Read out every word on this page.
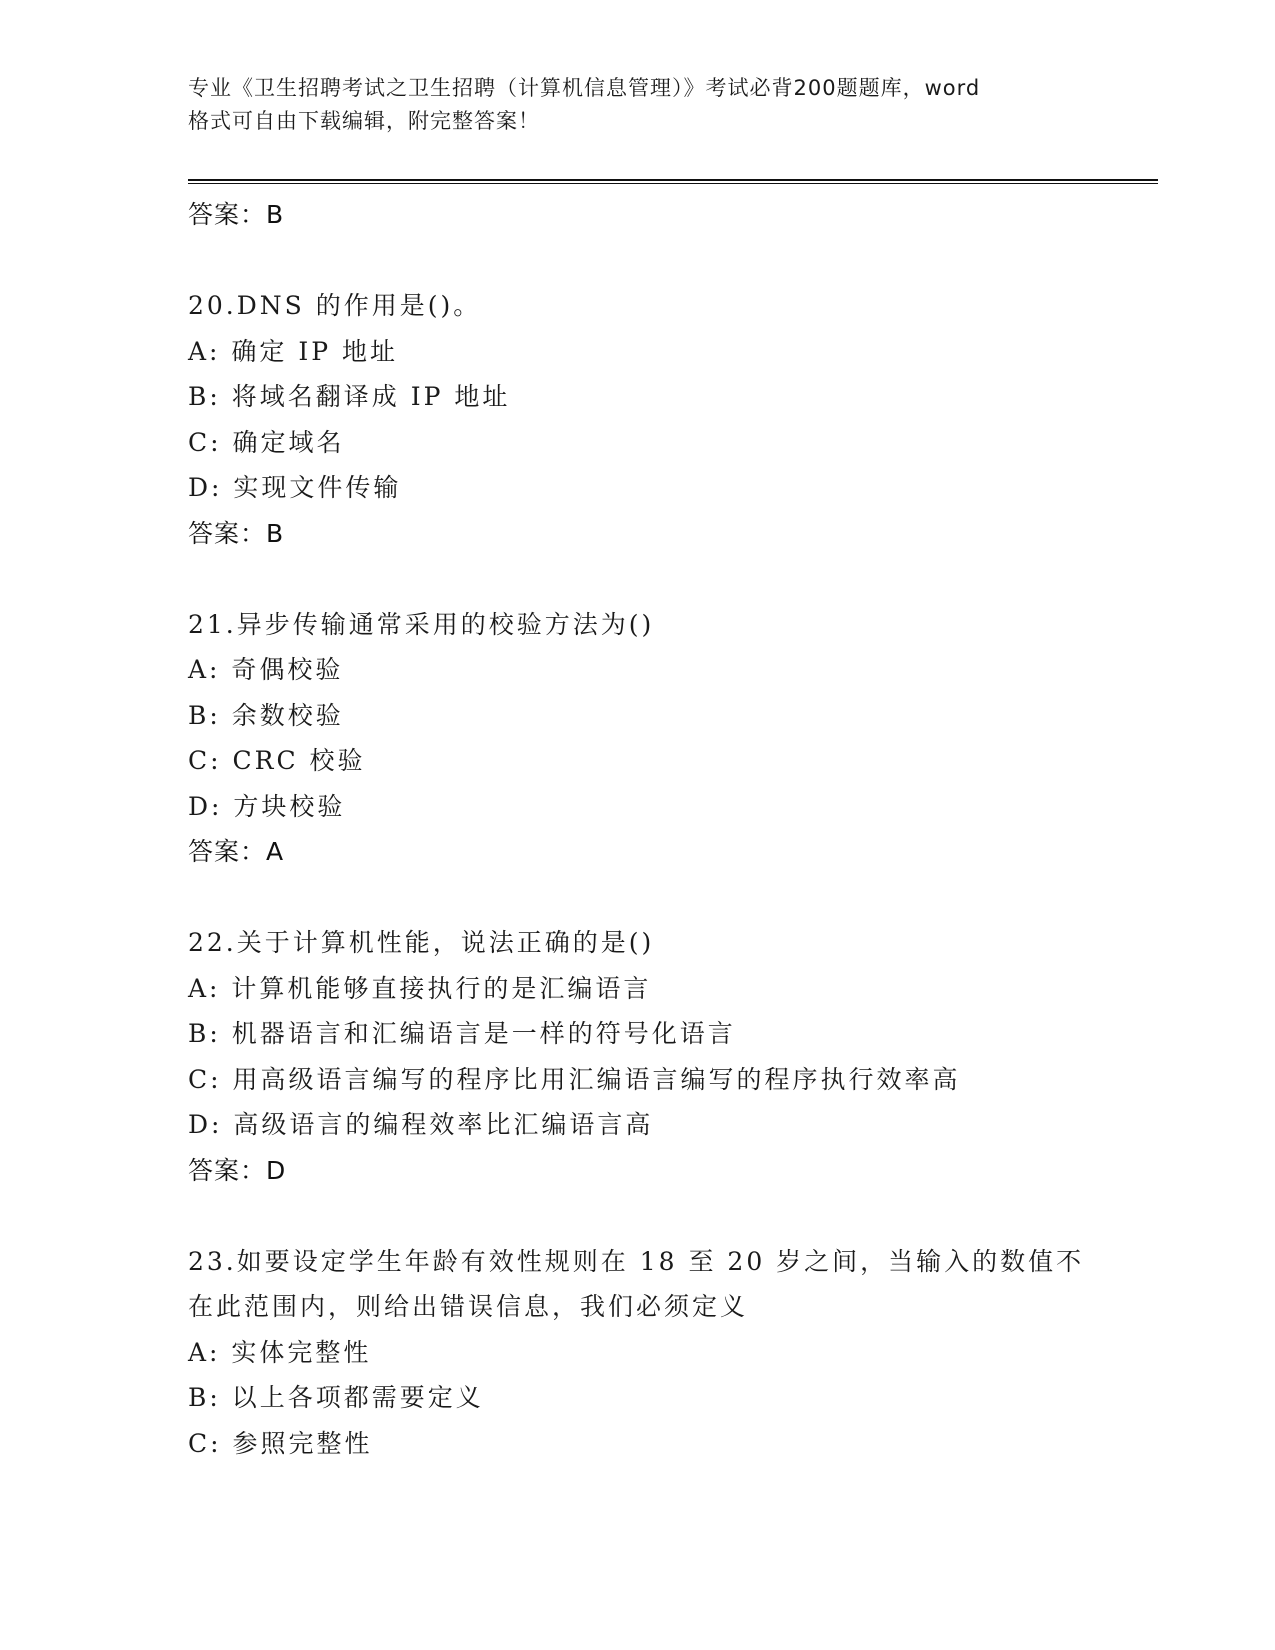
专业《卫生招聘考试之卫生招聘（计算机信息管理）》考试必背200题题库，word
格式可自由下载编辑，附完整答案！
答案：B
20.DNS 的作用是()。
A: 确定 IP 地址
B: 将域名翻译成 IP 地址
C: 确定域名
D: 实现文件传输
答案：B
21.异步传输通常采用的校验方法为()
A: 奇偶校验
B: 余数校验
C: CRC 校验
D: 方块校验
答案：A
22.关于计算机性能，说法正确的是()
A: 计算机能够直接执行的是汇编语言
B: 机器语言和汇编语言是一样的符号化语言
C: 用高级语言编写的程序比用汇编语言编写的程序执行效率高
D: 高级语言的编程效率比汇编语言高
答案：D
23.如要设定学生年龄有效性规则在 18 至 20 岁之间，当输入的数值不
在此范围内，则给出错误信息，我们必须定义
A: 实体完整性
B: 以上各项都需要定义
C: 参照完整性
